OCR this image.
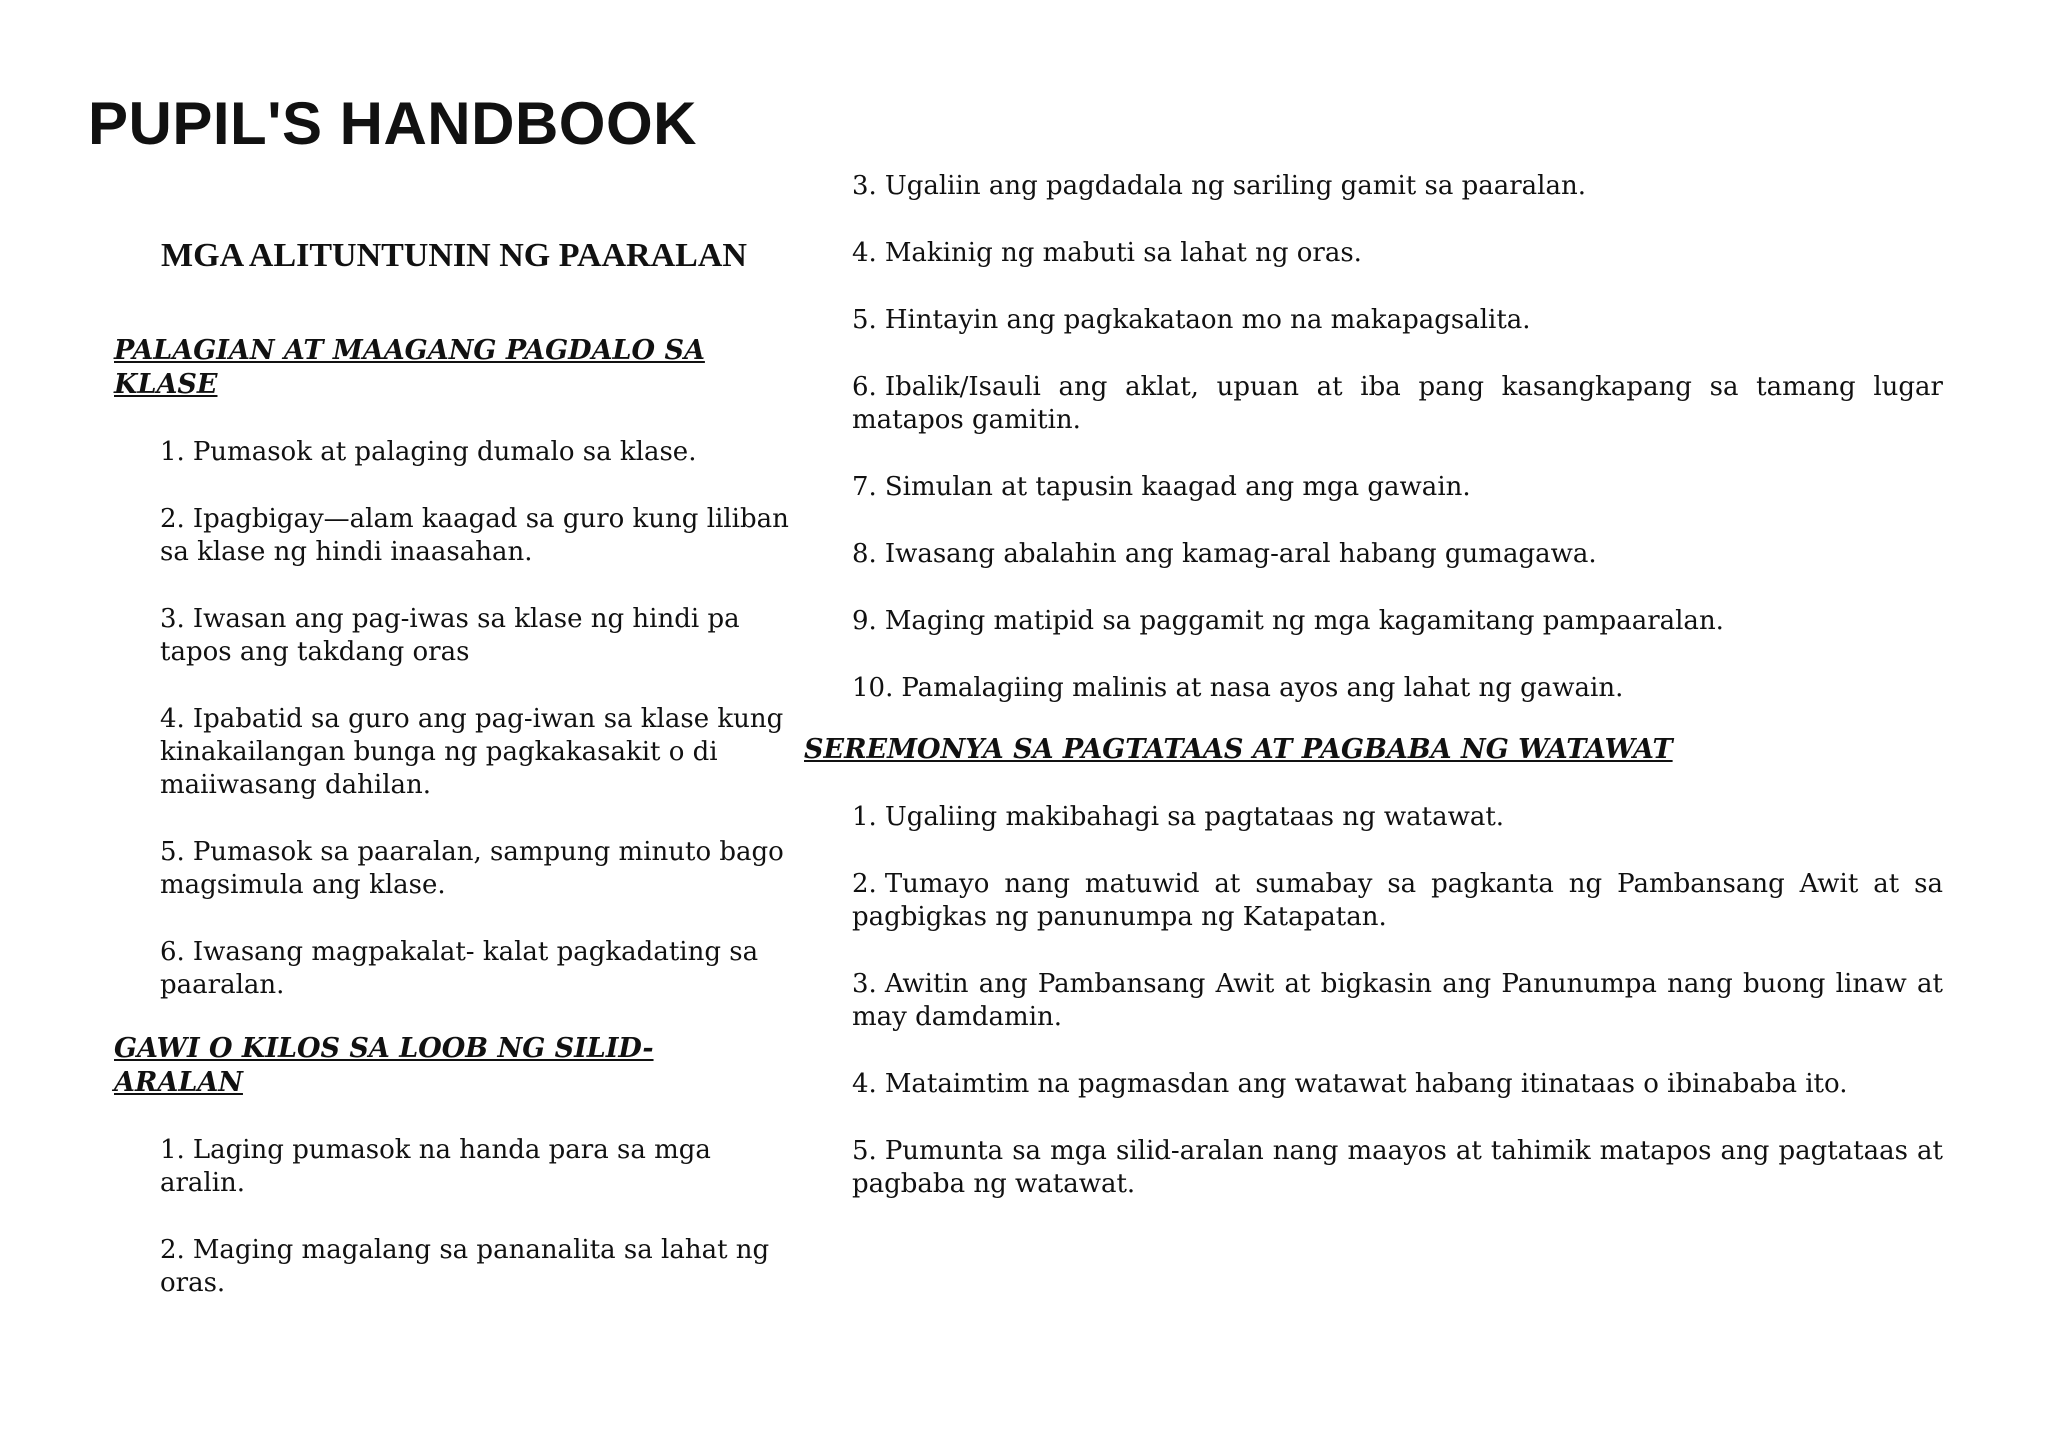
PUPIL'S HANDBOOK
MGA ALITUNTUNIN NG PAARALAN
PALAGIAN AT MAAGANG PAGDALO SA KLASE
1. Pumasok at palaging dumalo sa klase.
2. Ipagbigay—alam kaagad sa guro kung liliban sa klase ng hindi inaasahan.
3. Iwasan ang pag-iwas sa klase ng hindi pa tapos ang takdang oras
4. Ipabatid sa guro ang pag-iwan sa klase kung kinakailangan bunga ng pagkakasakit o di maiiwasang dahilan.
5. Pumasok sa paaralan, sampung minuto bago magsimula ang klase.
6. Iwasang magpakalat- kalat pagkadating sa paaralan.
GAWI O KILOS SA LOOB NG SILID-ARALAN
1. Laging pumasok na handa para sa mga aralin.
2. Maging magalang sa pananalita sa lahat ng oras.
3. Ugaliin ang pagdadala ng sariling gamit sa paaralan.
4. Makinig ng mabuti sa lahat ng oras.
5. Hintayin ang pagkakataon mo na makapagsalita.
6. Ibalik/Isauli ang aklat, upuan at iba pang kasangkapang sa tamang lugar matapos gamitin.
7. Simulan at tapusin kaagad ang mga gawain.
8. Iwasang abalahin ang kamag-aral habang gumagawa.
9. Maging matipid sa paggamit ng mga kagamitang pampaaralan.
10. Pamalagiing malinis at nasa ayos ang lahat ng gawain.
SEREMONYA SA PAGTATAAS AT PAGBABA NG WATAWAT
1. Ugaliing makibahagi sa pagtataas ng watawat.
2. Tumayo nang matuwid at sumabay sa pagkanta ng Pambansang Awit at sa pagbigkas ng panunumpa ng Katapatan.
3. Awitin ang Pambansang Awit at bigkasin ang Panunumpa nang buong linaw at may damdamin.
4. Mataimtim na pagmasdan ang watawat habang itinataas o ibinababa ito.
5. Pumunta sa mga silid-aralan nang maayos at tahimik matapos ang pagtataas at pagbaba ng watawat.
